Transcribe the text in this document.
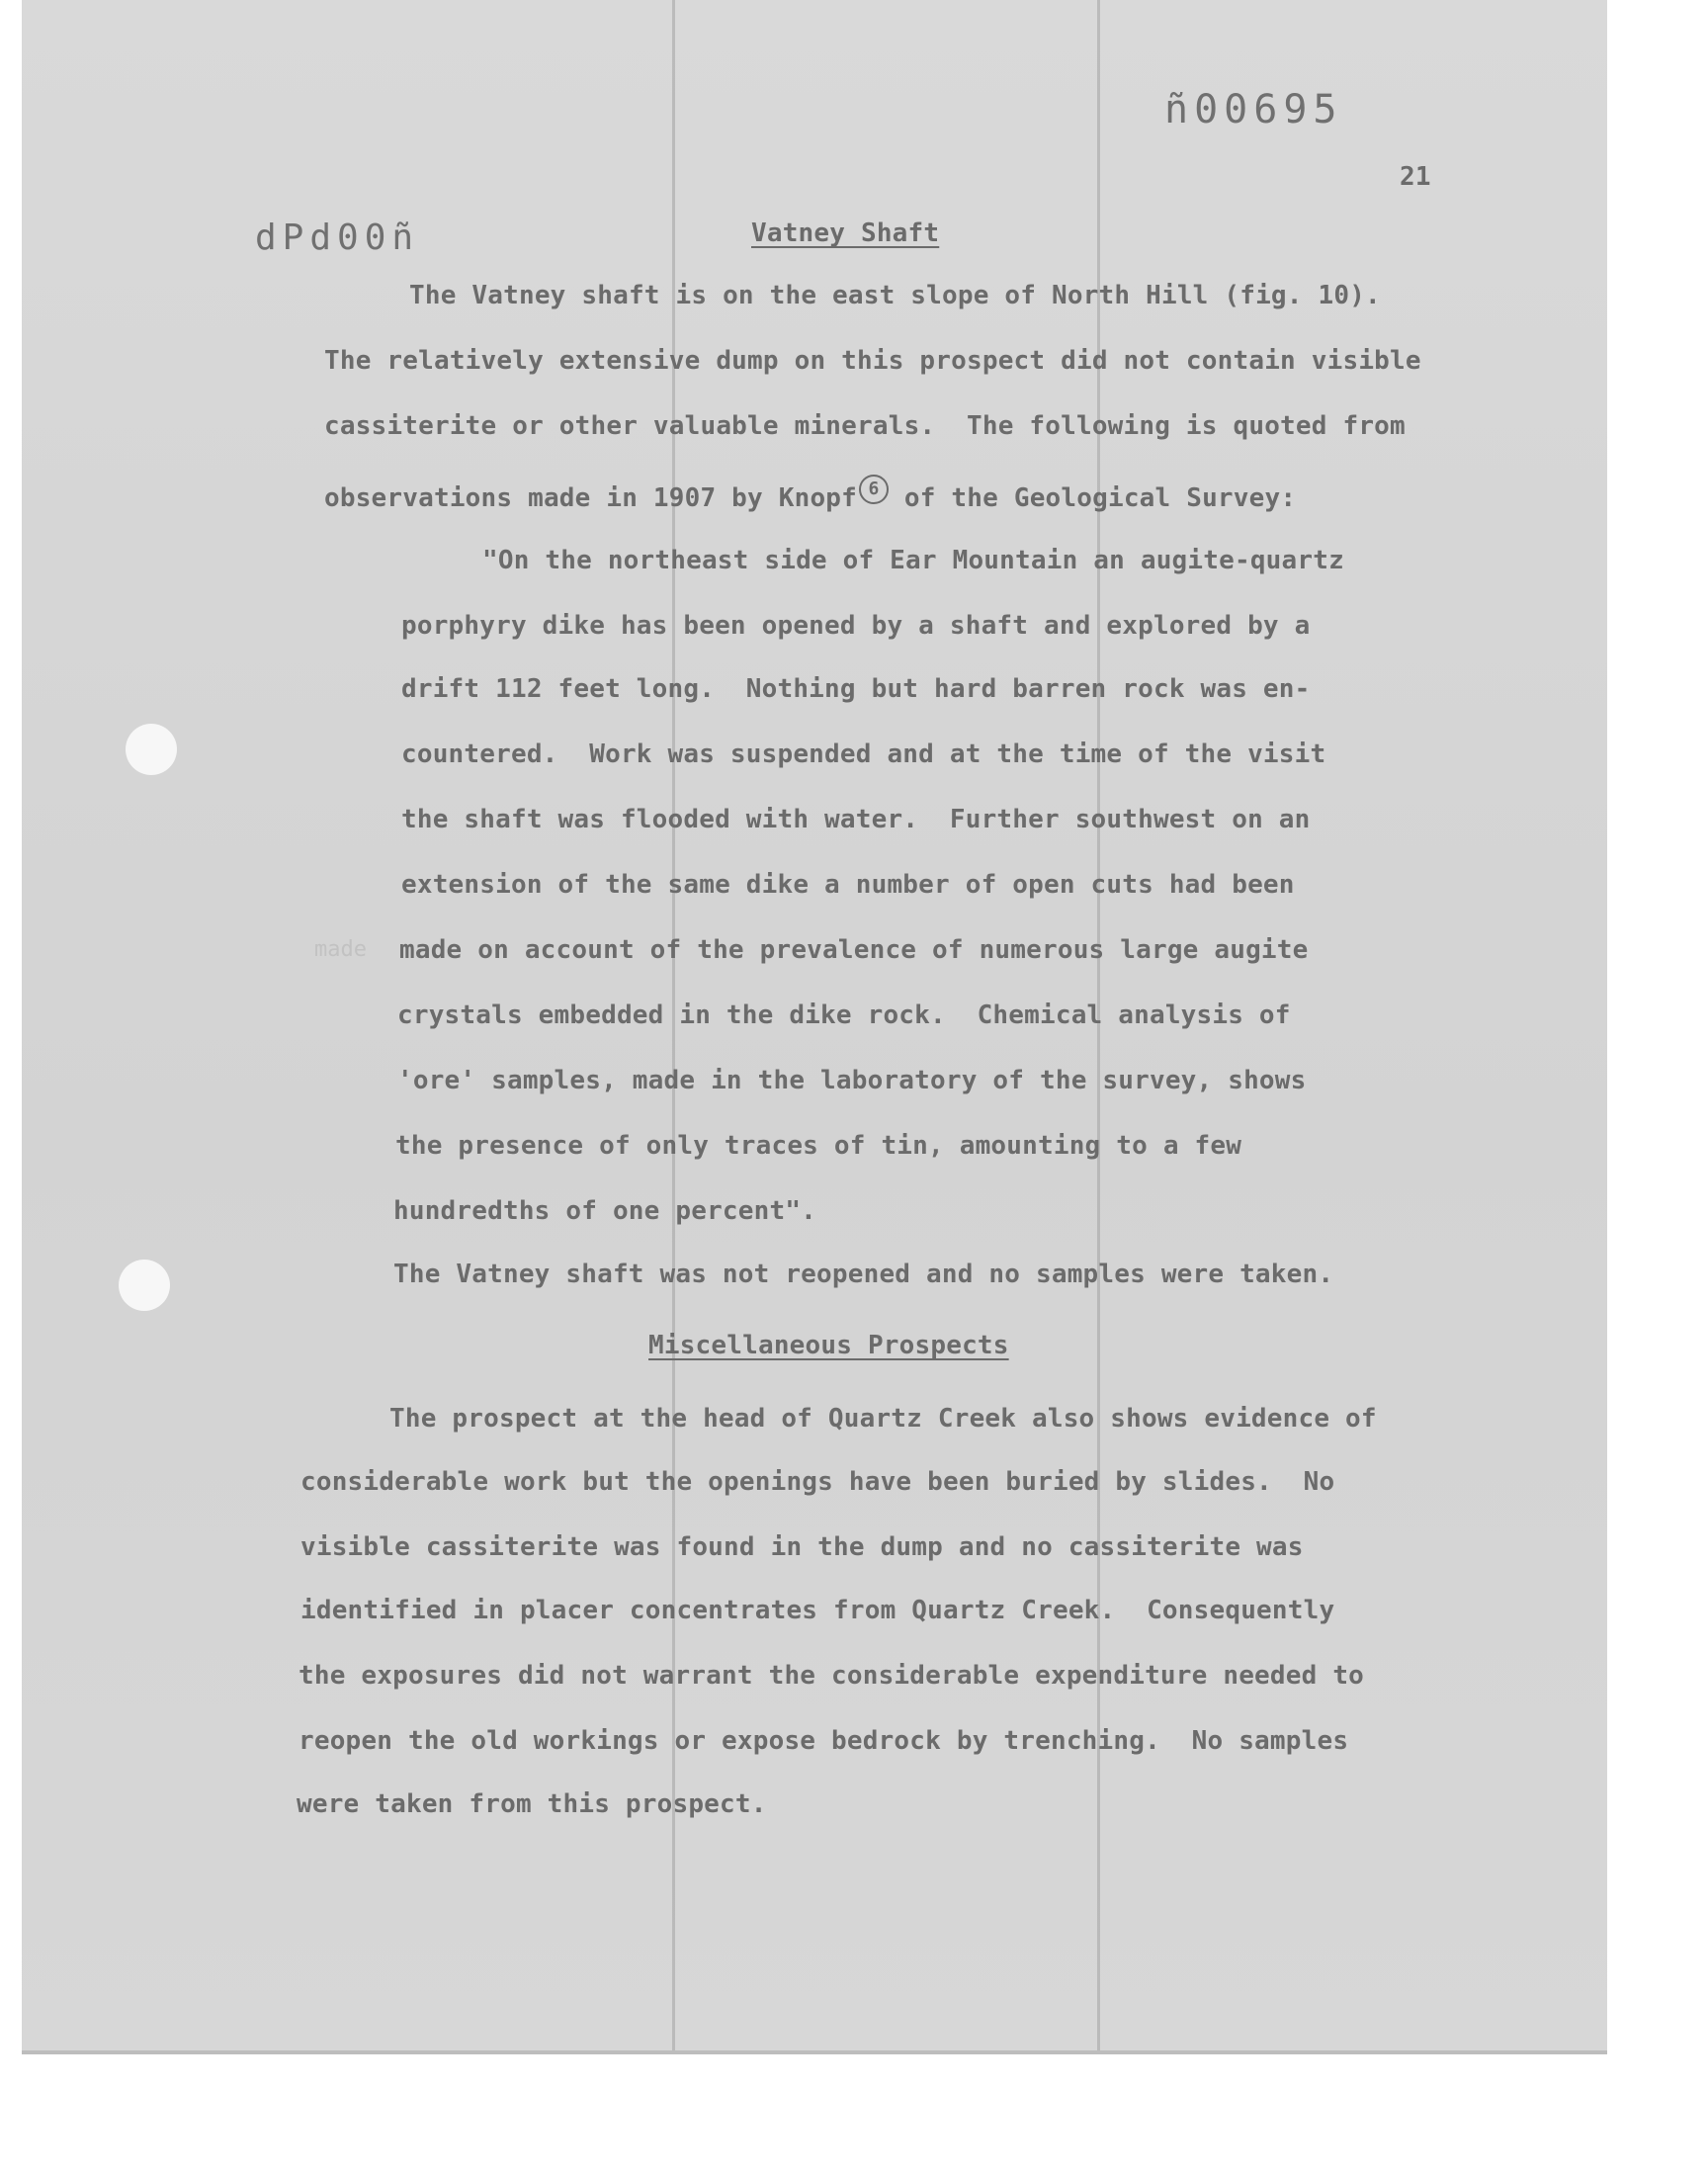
ñ00695
dPd00ñ
21
Vatney Shaft
The Vatney shaft is on the east slope of North Hill (fig. 10).
The relatively extensive dump on this prospect did not contain visible
cassiterite or other valuable minerals.  The following is quoted from
observations made in 1907 by Knopf 6 of the Geological Survey:
"On the northeast side of Ear Mountain an augite-quartz
porphyry dike has been opened by a shaft and explored by a
drift 112 feet long.  Nothing but hard barren rock was en-
countered.  Work was suspended and at the time of the visit
the shaft was flooded with water.  Further southwest on an
extension of the same dike a number of open cuts had been
made made on account of the prevalence of numerous large augite
crystals embedded in the dike rock.  Chemical analysis of
'ore' samples, made in the laboratory of the survey, shows
the presence of only traces of tin, amounting to a few
hundredths of one percent".
The Vatney shaft was not reopened and no samples were taken.
Miscellaneous Prospects
The prospect at the head of Quartz Creek also shows evidence of
considerable work but the openings have been buried by slides.  No
visible cassiterite was found in the dump and no cassiterite was
identified in placer concentrates from Quartz Creek.  Consequently
the exposures did not warrant the considerable expenditure needed to
reopen the old workings or expose bedrock by trenching.  No samples
were taken from this prospect.
